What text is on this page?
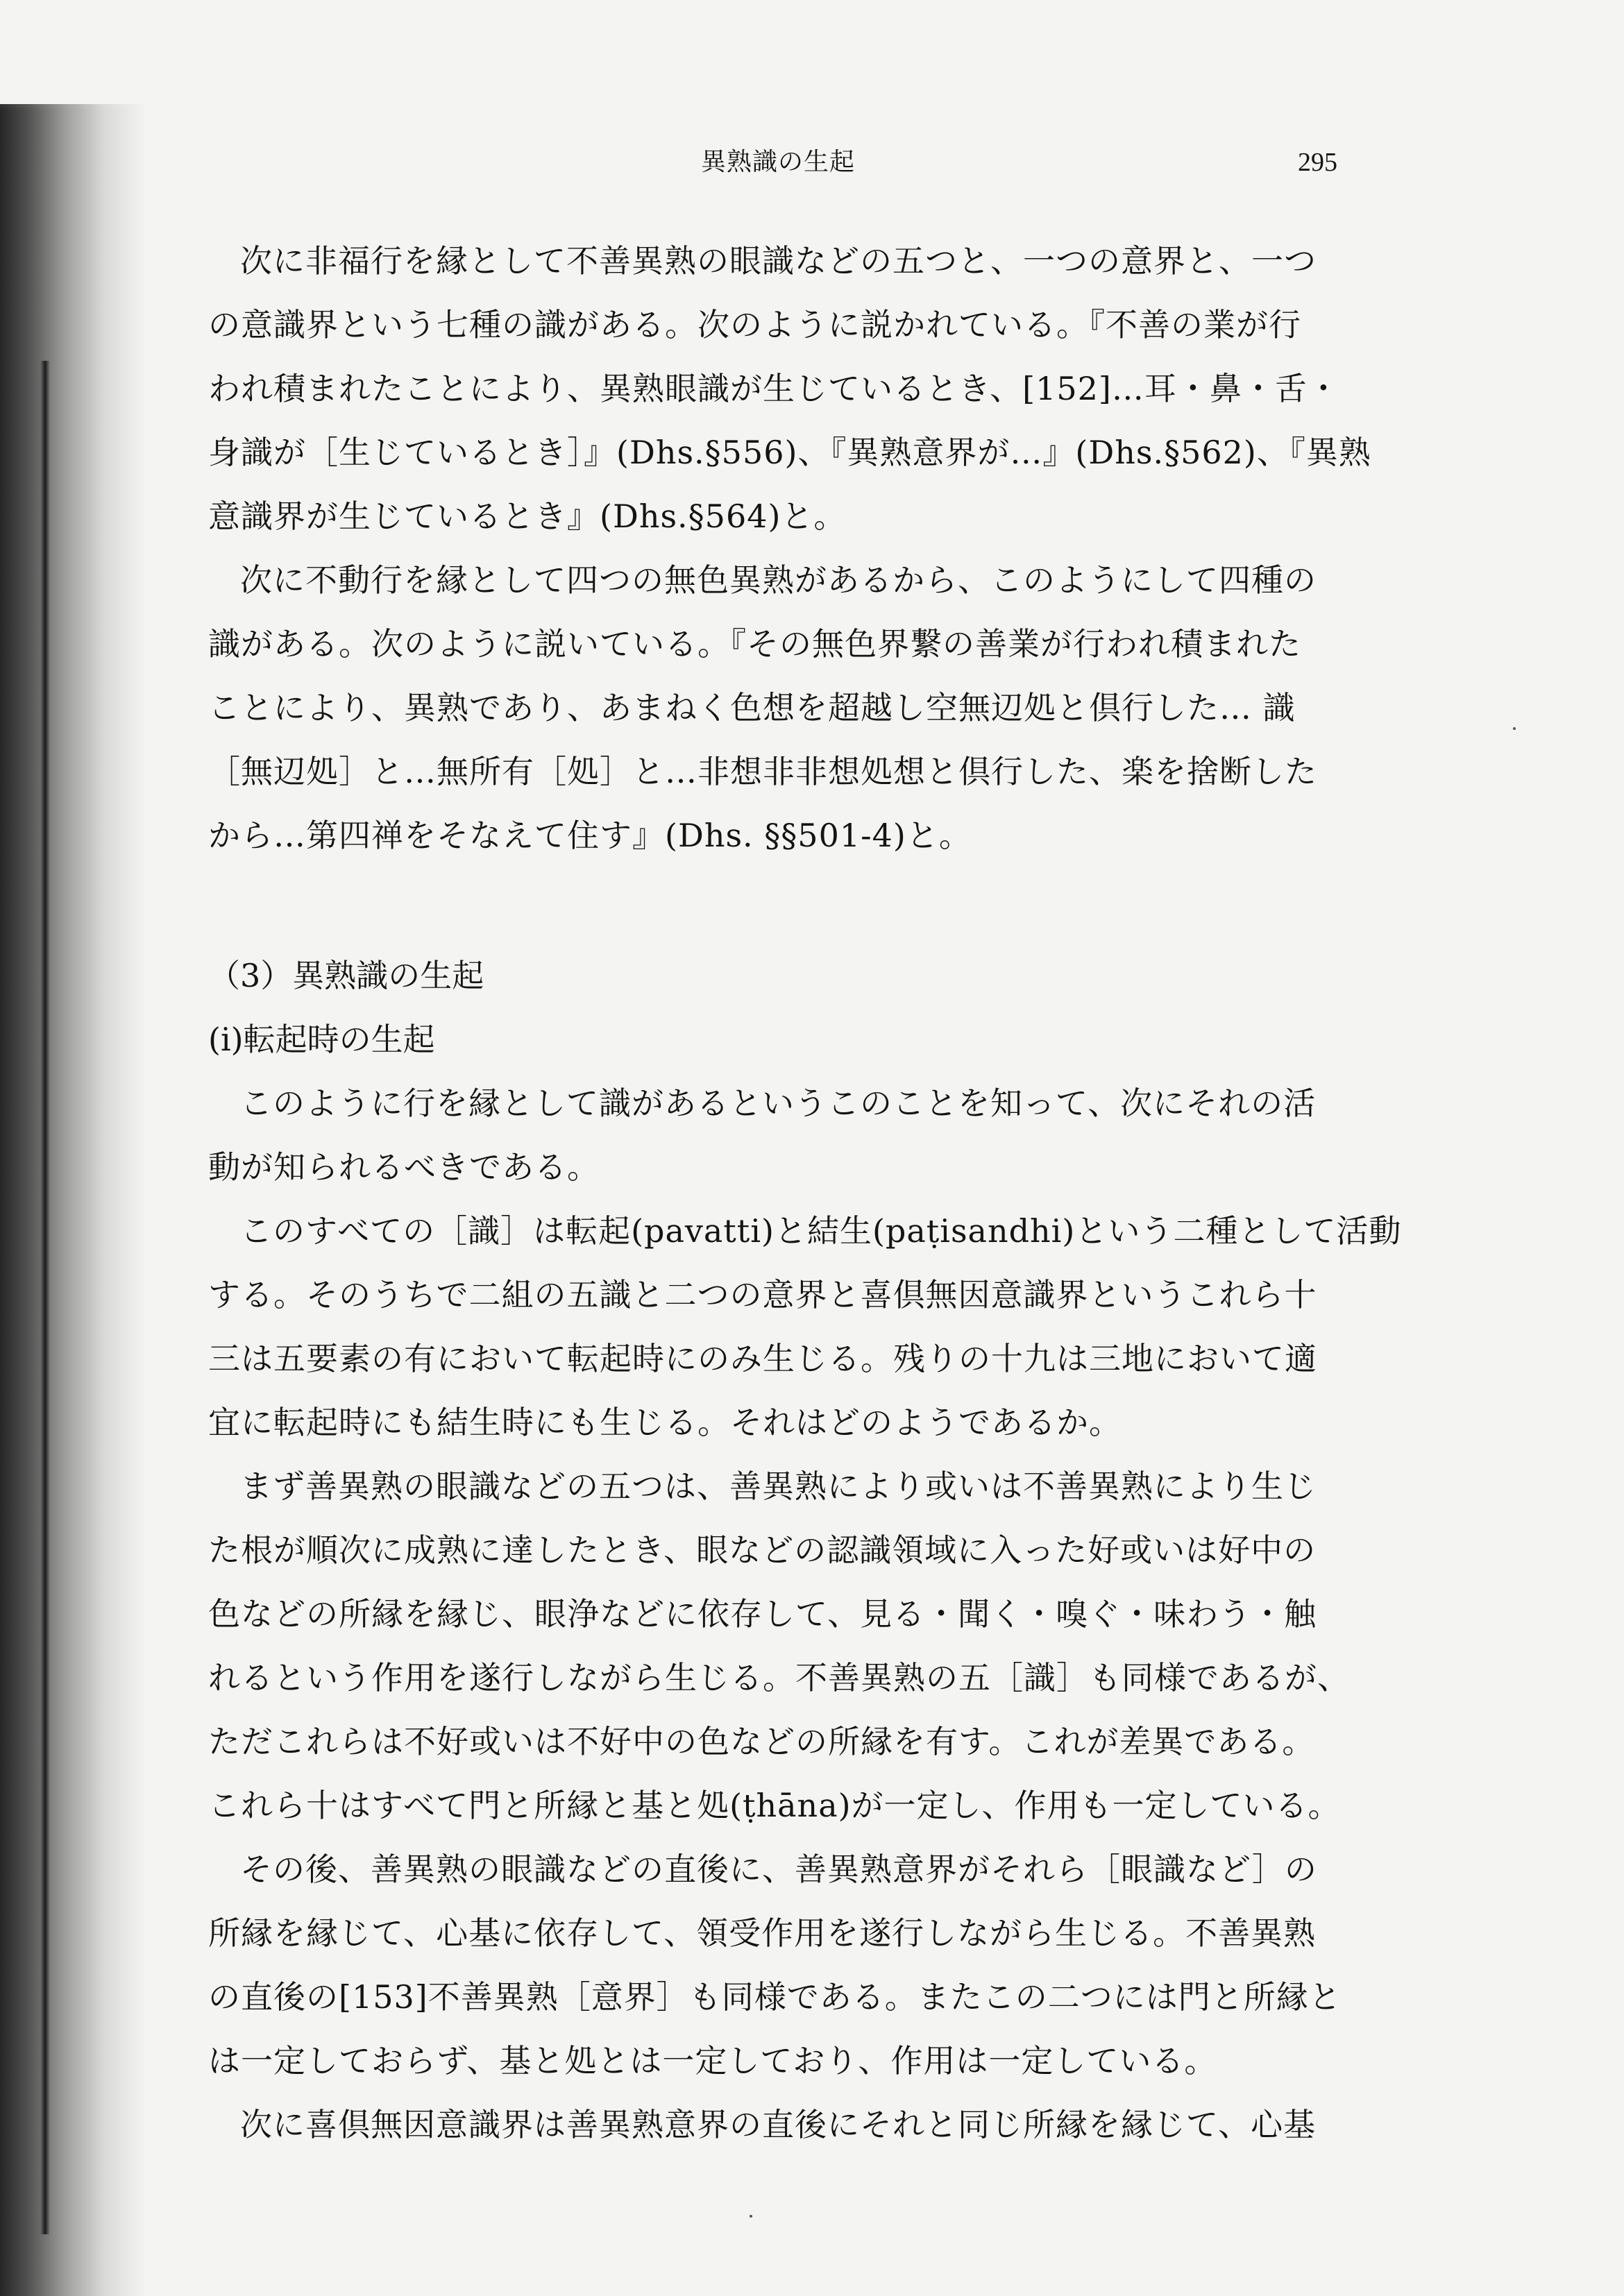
異熟識の生起	295
次に非福行を縁として不善異熟の眼識などの五つと、一つの意界と、一つ
の意識界という七種の識がある。次のように説かれている。『不善の業が行
われ積まれたことにより、異熟眼識が生じているとき、[152]…耳・鼻・舌・
身識が［生じているとき］』(Dhs.§556)、『異熟意界が…』(Dhs.§562)、『異熟
意識界が生じているとき』(Dhs.§564)と。
次に不動行を縁として四つの無色異熟があるから、このようにして四種の
識がある。次のように説いている。『その無色界繋の善業が行われ積まれた
ことにより、異熟であり、あまねく色想を超越し空無辺処と倶行した… 識
［無辺処］と…無所有［処］と…非想非非想処想と倶行した、楽を捨断した
から…第四禅をそなえて住す』(Dhs. §§501-4)と。
（3）異熟識の生起
(i)転起時の生起
このように行を縁として識があるというこのことを知って、次にそれの活
動が知られるべきである。
このすべての［識］は転起(pavatti)と結生(paṭisandhi)という二種として活動
する。そのうちで二組の五識と二つの意界と喜倶無因意識界というこれら十
三は五要素の有において転起時にのみ生じる。残りの十九は三地において適
宜に転起時にも結生時にも生じる。それはどのようであるか。
まず善異熟の眼識などの五つは、善異熟により或いは不善異熟により生じ
た根が順次に成熟に達したとき、眼などの認識領域に入った好或いは好中の
色などの所縁を縁じ、眼浄などに依存して、見る・聞く・嗅ぐ・味わう・触
れるという作用を遂行しながら生じる。不善異熟の五［識］も同様であるが、
ただこれらは不好或いは不好中の色などの所縁を有す。これが差異である。
これら十はすべて門と所縁と基と処(ṭhāna)が一定し、作用も一定している。
その後、善異熟の眼識などの直後に、善異熟意界がそれら［眼識など］の
所縁を縁じて、心基に依存して、領受作用を遂行しながら生じる。不善異熟
の直後の[153]不善異熟［意界］も同様である。またこの二つには門と所縁と
は一定しておらず、基と処とは一定しており、作用は一定している。
次に喜倶無因意識界は善異熟意界の直後にそれと同じ所縁を縁じて、心基
